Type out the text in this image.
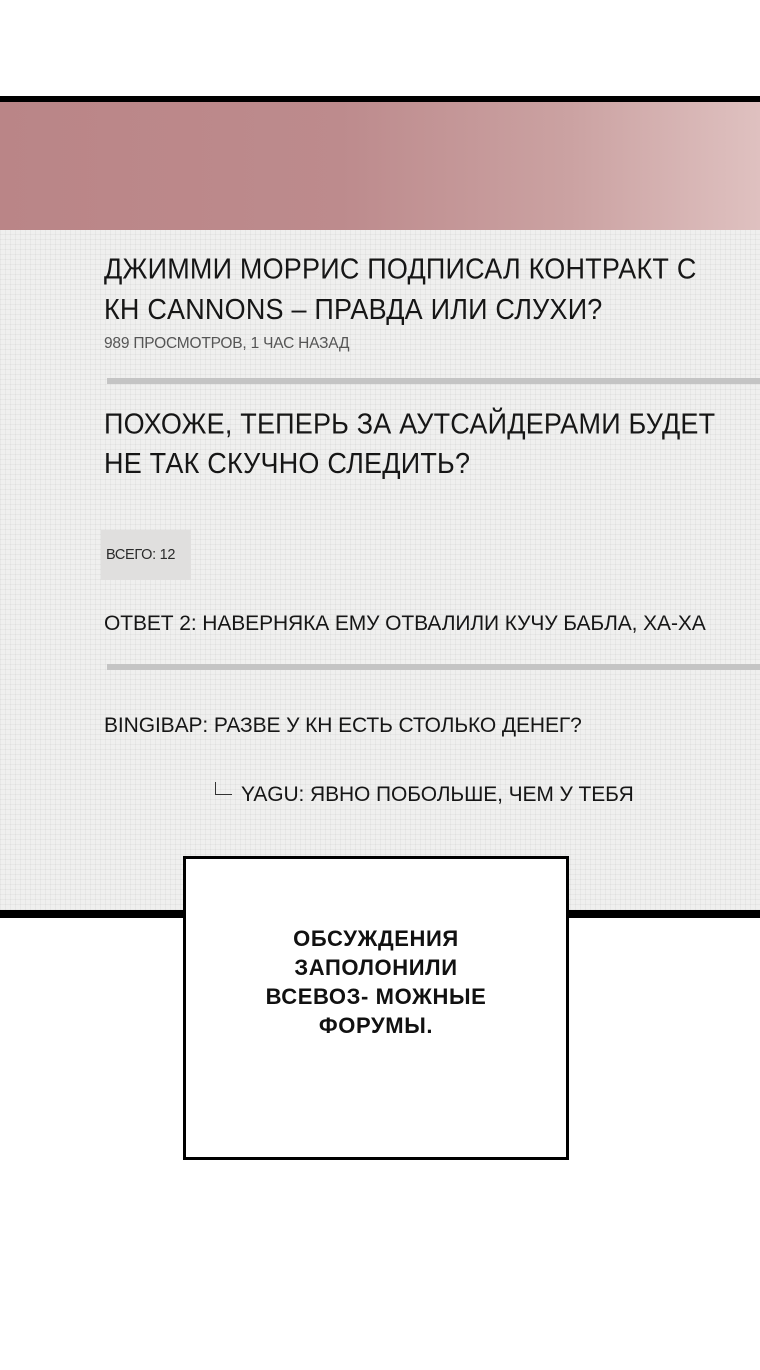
ДЖИММИ МОРРИС ПОДПИСАЛ КОНТРАКТ С КН CANNONS – ПРАВДА ИЛИ СЛУХИ?
989 ПРОСМОТРОВ, 1 ЧАС НАЗАД

ПОХОЖЕ, ТЕПЕРЬ ЗА АУТСАЙДЕРАМИ БУДЕТ НЕ ТАК СКУЧНО СЛЕДИТЬ?

ВСЕГО: 12
ОТВЕТ 2: НАВЕРНЯКА ЕМУ ОТВАЛИЛИ КУЧУ БАБЛА, ХА-ХА
BINGIBAP: РАЗВЕ У КН ЕСТЬ СТОЛЬКО ДЕНЕГ?
YAGU: ЯВНО ПОБОЛЬШЕ, ЧЕМ У ТЕБЯ
ОБСУЖДЕНИЯ ЗАПОЛОНИЛИ ВСЕВОЗ- МОЖНЫЕ ФОРУМЫ.
